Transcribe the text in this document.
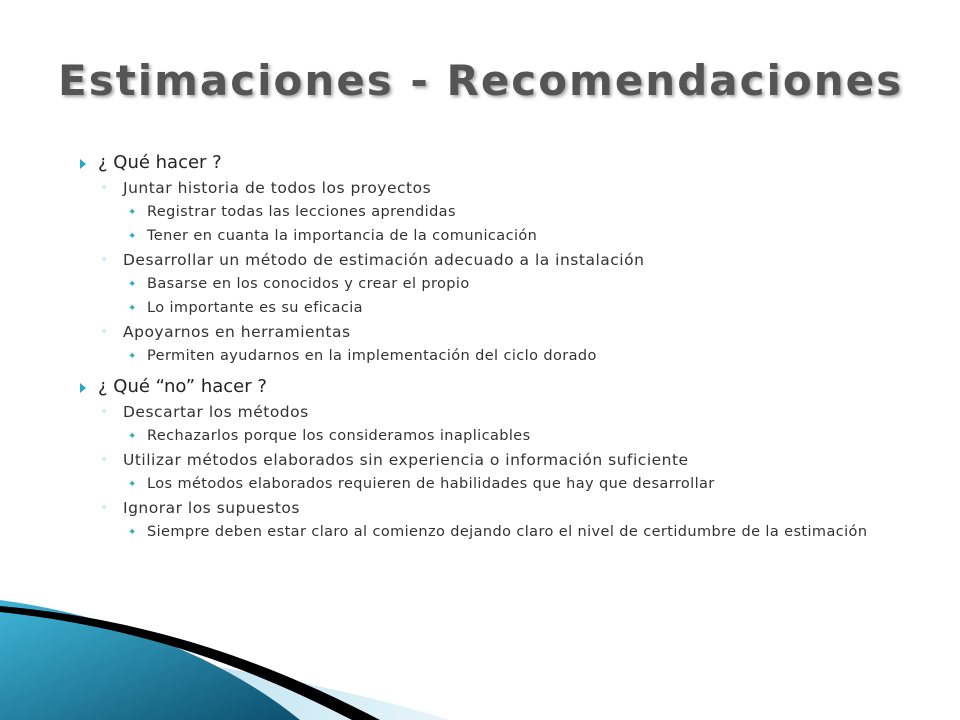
Estimaciones - Recomendaciones
¿ Qué hacer ?
◦ Juntar historia de todos los proyectos
✦ Registrar todas las lecciones aprendidas
✦ Tener en cuanta la importancia de la comunicación
◦ Desarrollar un método de estimación adecuado a la instalación
✦ Basarse en los conocidos y crear el propio
✦ Lo importante es su eficacia
◦ Apoyarnos en herramientas
✦ Permiten ayudarnos en la implementación del ciclo dorado
¿ Qué “no” hacer ?
◦ Descartar los métodos
✦ Rechazarlos porque los consideramos inaplicables
◦ Utilizar métodos elaborados sin experiencia o información suficiente
✦ Los métodos elaborados requieren de habilidades que hay que desarrollar
◦ Ignorar los supuestos
✦ Siempre deben estar claro al comienzo dejando claro el nivel de certidumbre de la estimación
